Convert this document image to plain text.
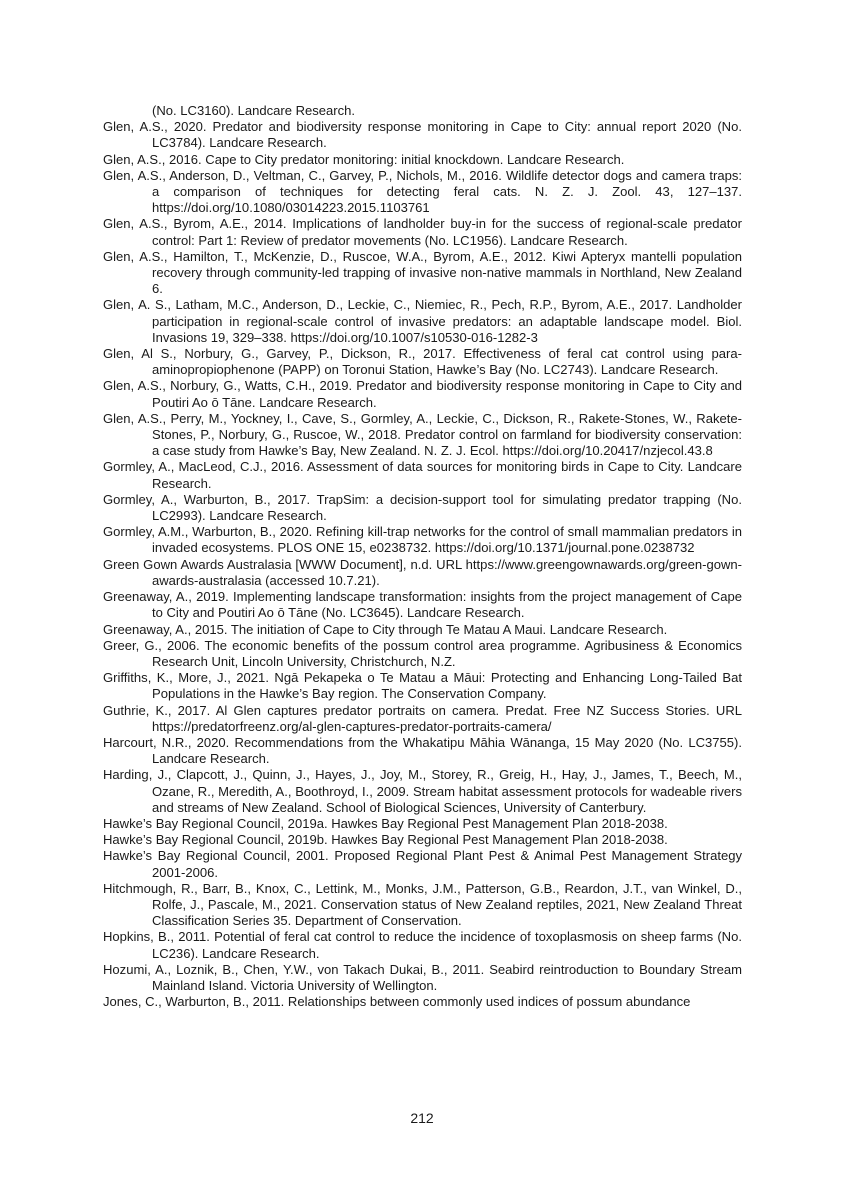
(No. LC3160). Landcare Research.

Glen, A.S., 2020. Predator and biodiversity response monitoring in Cape to City: annual report 2020 (No. LC3784). Landcare Research.

Glen, A.S., 2016. Cape to City predator monitoring: initial knockdown. Landcare Research.

Glen, A.S., Anderson, D., Veltman, C., Garvey, P., Nichols, M., 2016. Wildlife detector dogs and camera traps: a comparison of techniques for detecting feral cats. N. Z. J. Zool. 43, 127–137. https://doi.org/10.1080/03014223.2015.1103761

Glen, A.S., Byrom, A.E., 2014. Implications of landholder buy-in for the success of regional-scale predator control: Part 1: Review of predator movements (No. LC1956). Landcare Research.

Glen, A.S., Hamilton, T., McKenzie, D., Ruscoe, W.A., Byrom, A.E., 2012. Kiwi Apteryx mantelli population recovery through community-led trapping of invasive non-native mammals in Northland, New Zealand 6.

Glen, A. S., Latham, M.C., Anderson, D., Leckie, C., Niemiec, R., Pech, R.P., Byrom, A.E., 2017. Landholder participation in regional-scale control of invasive predators: an adaptable landscape model. Biol. Invasions 19, 329–338. https://doi.org/10.1007/s10530-016-1282-3

Glen, Al S., Norbury, G., Garvey, P., Dickson, R., 2017. Effectiveness of feral cat control using para-aminopropiophenone (PAPP) on Toronui Station, Hawke’s Bay (No. LC2743). Landcare Research.

Glen, A.S., Norbury, G., Watts, C.H., 2019. Predator and biodiversity response monitoring in Cape to City and Poutiri Ao ō Tāne. Landcare Research.

Glen, A.S., Perry, M., Yockney, I., Cave, S., Gormley, A., Leckie, C., Dickson, R., Rakete-Stones, W., Rakete-Stones, P., Norbury, G., Ruscoe, W., 2018. Predator control on farmland for biodiversity conservation: a case study from Hawke’s Bay, New Zealand. N. Z. J. Ecol. https://doi.org/10.20417/nzjecol.43.8

Gormley, A., MacLeod, C.J., 2016. Assessment of data sources for monitoring birds in Cape to City. Landcare Research.

Gormley, A., Warburton, B., 2017. TrapSim: a decision-support tool for simulating predator trapping (No. LC2993). Landcare Research.

Gormley, A.M., Warburton, B., 2020. Refining kill-trap networks for the control of small mammalian predators in invaded ecosystems. PLOS ONE 15, e0238732. https://doi.org/10.1371/journal.pone.0238732

Green Gown Awards Australasia [WWW Document], n.d. URL https://www.greengownawards.org/green-gown-awards-australasia (accessed 10.7.21).

Greenaway, A., 2019. Implementing landscape transformation: insights from the project management of Cape to City and Poutiri Ao ō Tāne (No. LC3645). Landcare Research.

Greenaway, A., 2015. The initiation of Cape to City through Te Matau A Maui. Landcare Research.

Greer, G., 2006. The economic benefits of the possum control area programme. Agribusiness & Economics Research Unit, Lincoln University, Christchurch, N.Z.

Griffiths, K., More, J., 2021. Ngā Pekapeka o Te Matau a Māui: Protecting and Enhancing Long-Tailed Bat Populations in the Hawke’s Bay region. The Conservation Company.

Guthrie, K., 2017. Al Glen captures predator portraits on camera. Predat. Free NZ Success Stories. URL https://predatorfreenz.org/al-glen-captures-predator-portraits-camera/

Harcourt, N.R., 2020. Recommendations from the Whakatipu Māhia Wānanga, 15 May 2020 (No. LC3755). Landcare Research.

Harding, J., Clapcott, J., Quinn, J., Hayes, J., Joy, M., Storey, R., Greig, H., Hay, J., James, T., Beech, M., Ozane, R., Meredith, A., Boothroyd, I., 2009. Stream habitat assessment protocols for wadeable rivers and streams of New Zealand. School of Biological Sciences, University of Canterbury.

Hawke’s Bay Regional Council, 2019a. Hawkes Bay Regional Pest Management Plan 2018-2038.

Hawke’s Bay Regional Council, 2019b. Hawkes Bay Regional Pest Management Plan 2018-2038.

Hawke’s Bay Regional Council, 2001. Proposed Regional Plant Pest & Animal Pest Management Strategy 2001-2006.

Hitchmough, R., Barr, B., Knox, C., Lettink, M., Monks, J.M., Patterson, G.B., Reardon, J.T., van Winkel, D., Rolfe, J., Pascale, M., 2021. Conservation status of New Zealand reptiles, 2021, New Zealand Threat Classification Series 35. Department of Conservation.

Hopkins, B., 2011. Potential of feral cat control to reduce the incidence of toxoplasmosis on sheep farms (No. LC236). Landcare Research.

Hozumi, A., Loznik, B., Chen, Y.W., von Takach Dukai, B., 2011. Seabird reintroduction to Boundary Stream Mainland Island. Victoria University of Wellington.

Jones, C., Warburton, B., 2011. Relationships between commonly used indices of possum abundance

212
